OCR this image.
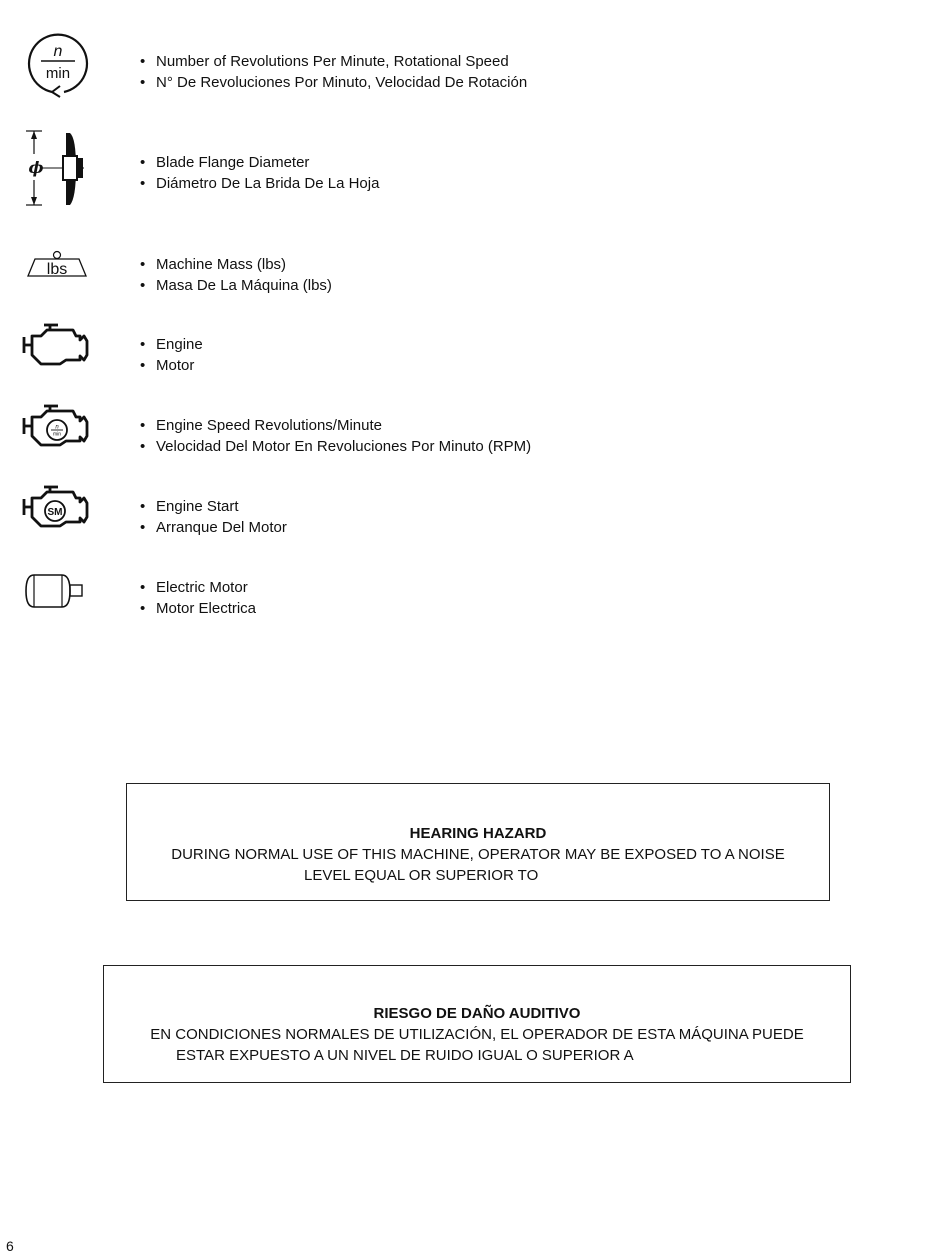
n
min
• Number of Revolutions Per Minute, Rotational Speed
• N° De Revoluciones Por Minuto, Velocidad De Rotación
ϕ	• Blade Flange Diameter
• Diámetro De La Brida De La Hoja
lbs	• Machine Mass (lbs)
• Masa De La Máquina (lbs)
• Engine
• Motor
n
min
• Engine Speed Revolutions/Minute
• Velocidad Del Motor En Revoluciones Por Minuto (RPM)
SM	• Engine Start
• Arranque Del Motor
• Electric Motor
• Motor Electrica
HEARING HAZARD
DURING NORMAL USE OF THIS MACHINE, OPERATOR MAY BE EXPOSED TO A NOISE
LEVEL EQUAL OR SUPERIOR TO
RIESGO DE DAÑO AUDITIVO
EN CONDICIONES NORMALES DE UTILIZACIÓN, EL OPERADOR DE ESTA MÁQUINA PUEDE
ESTAR EXPUESTO A UN NIVEL DE RUIDO IGUAL O SUPERIOR A
6
